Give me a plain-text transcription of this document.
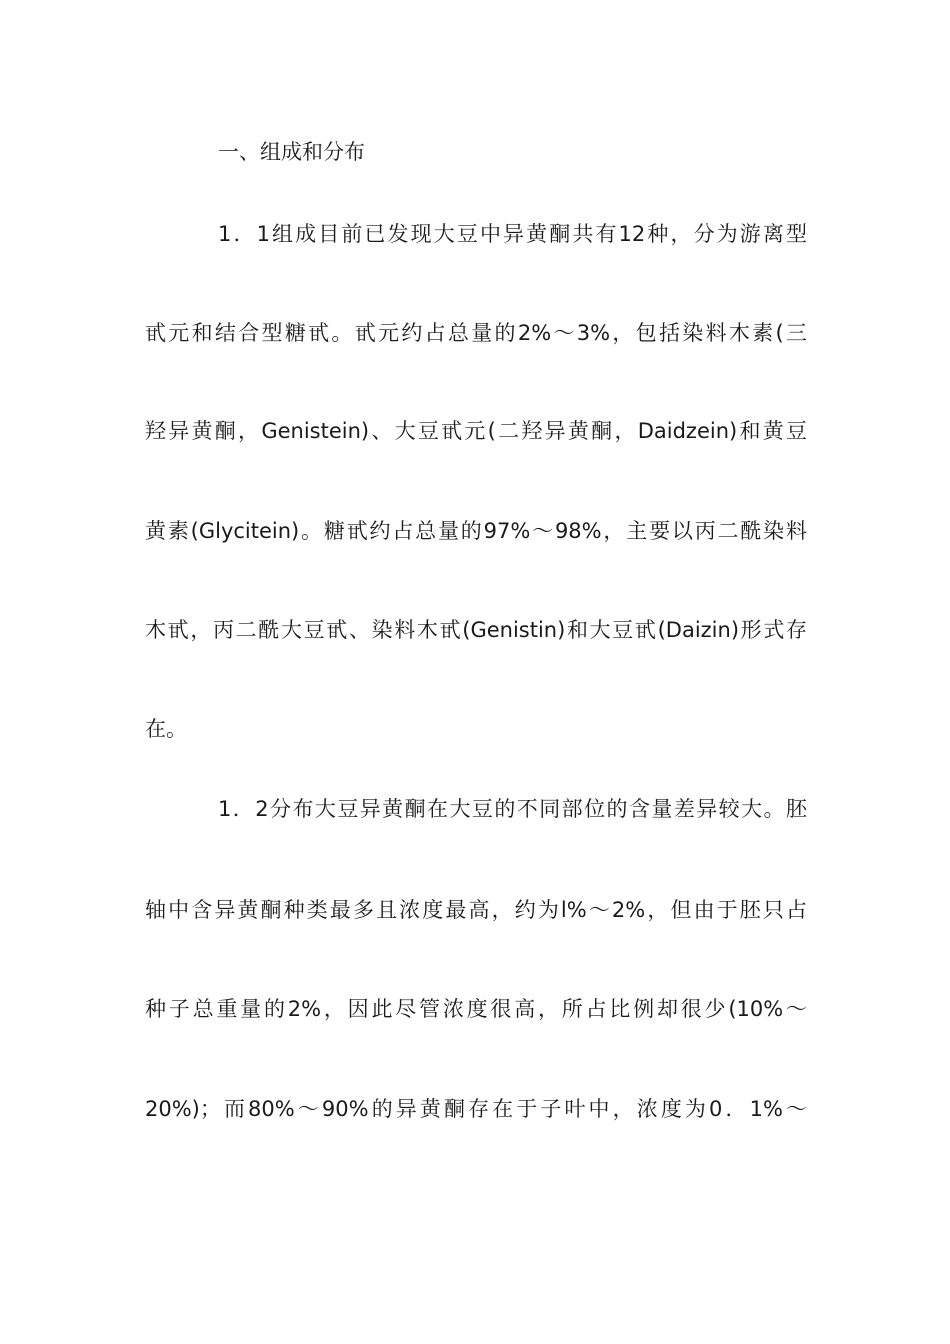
一、组成和分布
1．1组成目前已发现大豆中异黄酮共有12种，分为游离型
甙元和结合型糖甙。甙元约占总量的2%～3%，包括染料木素(三
羟异黄酮，Genistein)、大豆甙元(二羟异黄酮，Daidzein)和黄豆
黄素(Glycitein)。糖甙约占总量的97%～98%，主要以丙二酰染料
木甙，丙二酰大豆甙、染料木甙(Genistin)和大豆甙(Daizin)形式存
在。
1．2分布大豆异黄酮在大豆的不同部位的含量差异较大。胚
轴中含异黄酮种类最多且浓度最高，约为l%～2%，但由于胚只占
种子总重量的2%，因此尽管浓度很高，所占比例却很少(10%～
20%)；而80%～90%的异黄酮存在于子叶中，浓度为0．1%～
